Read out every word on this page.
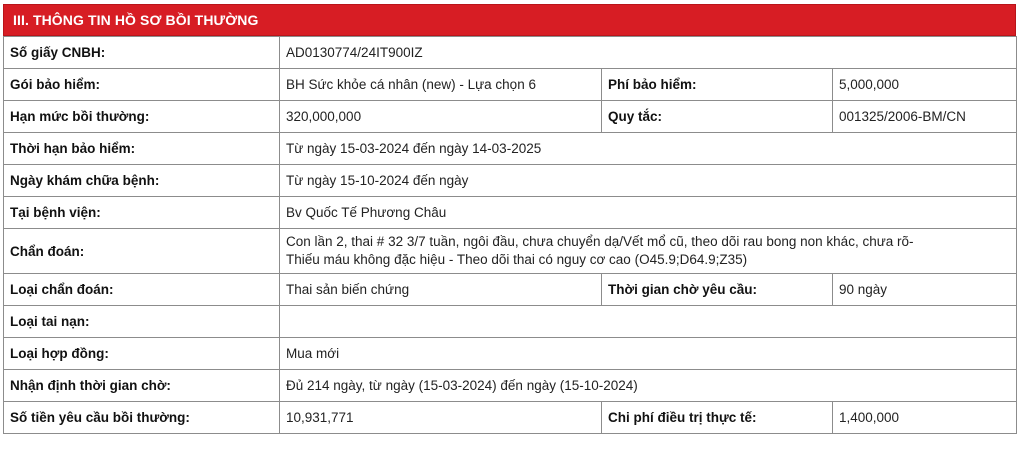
III. THÔNG TIN HỒ SƠ BỒI THƯỜNG
Số giấy CNBH:	AD0130774/24IT900IZ		
Gói bảo hiểm:	BH Sức khỏe cá nhân (new) - Lựa chọn 6	Phí bảo hiểm:	5,000,000
Hạn mức bồi thường:	320,000,000	Quy tắc:	001325/2006-BM/CN
Thời hạn bảo hiểm:	Từ ngày 15-03-2024 đến ngày 14-03-2025		
Ngày khám chữa bệnh:	Từ ngày 15-10-2024 đến ngày		
Tại bệnh viện:	Bv Quốc Tế Phương Châu		
Chẩn đoán:	Con lần 2, thai # 32 3/7 tuần, ngôi đầu, chưa chuyển dạ/Vết mổ cũ, theo dõi rau bong non khác, chưa rõ-
Thiếu máu không đặc hiệu - Theo dõi thai có nguy cơ cao (O45.9;D64.9;Z35)		

Loại chẩn đoán:	Thai sản biến chứng	Thời gian chờ yêu cầu:	90 ngày
Loại tai nạn:			
Loại hợp đồng:	Mua mới		
Nhận định thời gian chờ:	Đủ 214 ngày, từ ngày (15-03-2024) đến ngày (15-10-2024)		
Số tiền yêu cầu bồi thường:	10,931,771	Chi phí điều trị thực tế:	1,400,000
